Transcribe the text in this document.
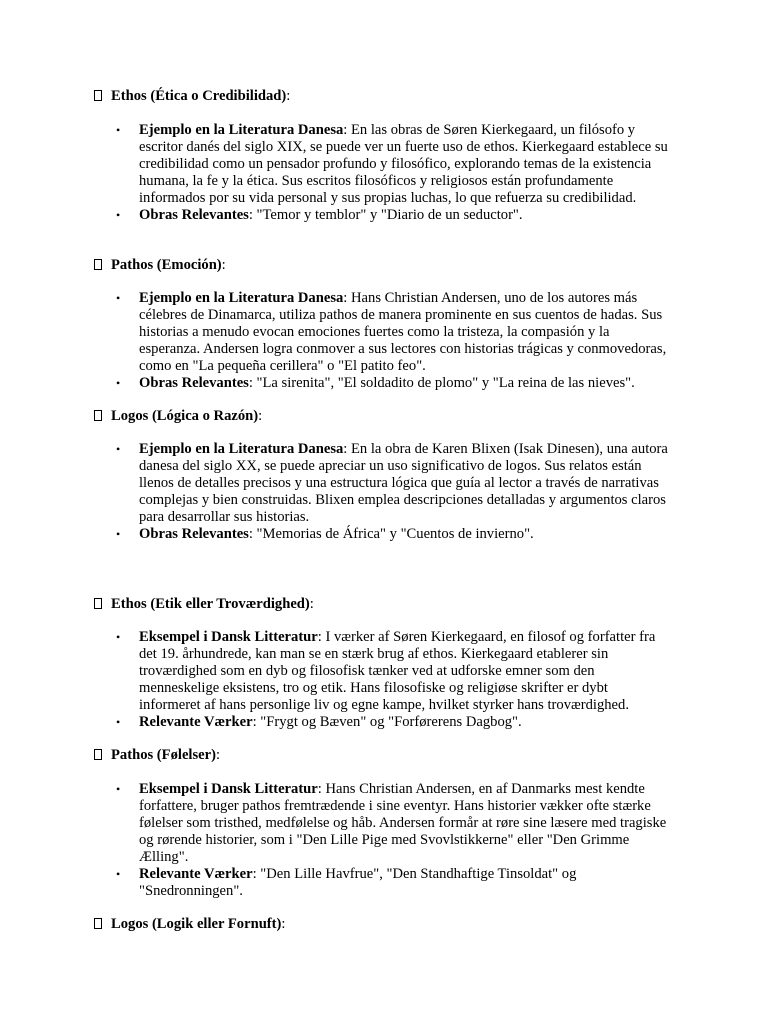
Ethos (Ética o Credibilidad):
• Ejemplo en la Literatura Danesa: En las obras de Søren Kierkegaard, un filósofo y escritor danés del siglo XIX, se puede ver un fuerte uso de ethos. Kierkegaard establece su credibilidad como un pensador profundo y filosófico, explorando temas de la existencia humana, la fe y la ética. Sus escritos filosóficos y religiosos están profundamente informados por su vida personal y sus propias luchas, lo que refuerza su credibilidad.
• Obras Relevantes: "Temor y temblor" y "Diario de un seductor".
Pathos (Emoción):
• Ejemplo en la Literatura Danesa: Hans Christian Andersen, uno de los autores más célebres de Dinamarca, utiliza pathos de manera prominente en sus cuentos de hadas. Sus historias a menudo evocan emociones fuertes como la tristeza, la compasión y la esperanza. Andersen logra conmover a sus lectores con historias trágicas y conmovedoras, como en "La pequeña cerillera" o "El patito feo".
• Obras Relevantes: "La sirenita", "El soldadito de plomo" y "La reina de las nieves".
Logos (Lógica o Razón):
• Ejemplo en la Literatura Danesa: En la obra de Karen Blixen (Isak Dinesen), una autora danesa del siglo XX, se puede apreciar un uso significativo de logos. Sus relatos están llenos de detalles precisos y una estructura lógica que guía al lector a través de narrativas complejas y bien construidas. Blixen emplea descripciones detalladas y argumentos claros para desarrollar sus historias.
• Obras Relevantes: "Memorias de África" y "Cuentos de invierno".
Ethos (Etik eller Troværdighed):
• Eksempel i Dansk Litteratur: I værker af Søren Kierkegaard, en filosof og forfatter fra det 19. århundrede, kan man se en stærk brug af ethos. Kierkegaard etablerer sin troværdighed som en dyb og filosofisk tænker ved at udforske emner som den menneskelige eksistens, tro og etik. Hans filosofiske og religiøse skrifter er dybt informeret af hans personlige liv og egne kampe, hvilket styrker hans troværdighed.
• Relevante Værker: "Frygt og Bæven" og "Forførerens Dagbog".
Pathos (Følelser):
• Eksempel i Dansk Litteratur: Hans Christian Andersen, en af Danmarks mest kendte forfattere, bruger pathos fremtrædende i sine eventyr. Hans historier vækker ofte stærke følelser som tristhed, medfølelse og håb. Andersen formår at røre sine læsere med tragiske og rørende historier, som i "Den Lille Pige med Svovlstikkerne" eller "Den Grimme Ælling".
• Relevante Værker: "Den Lille Havfrue", "Den Standhaftige Tinsoldat" og "Snedronningen".
Logos (Logik eller Fornuft):
